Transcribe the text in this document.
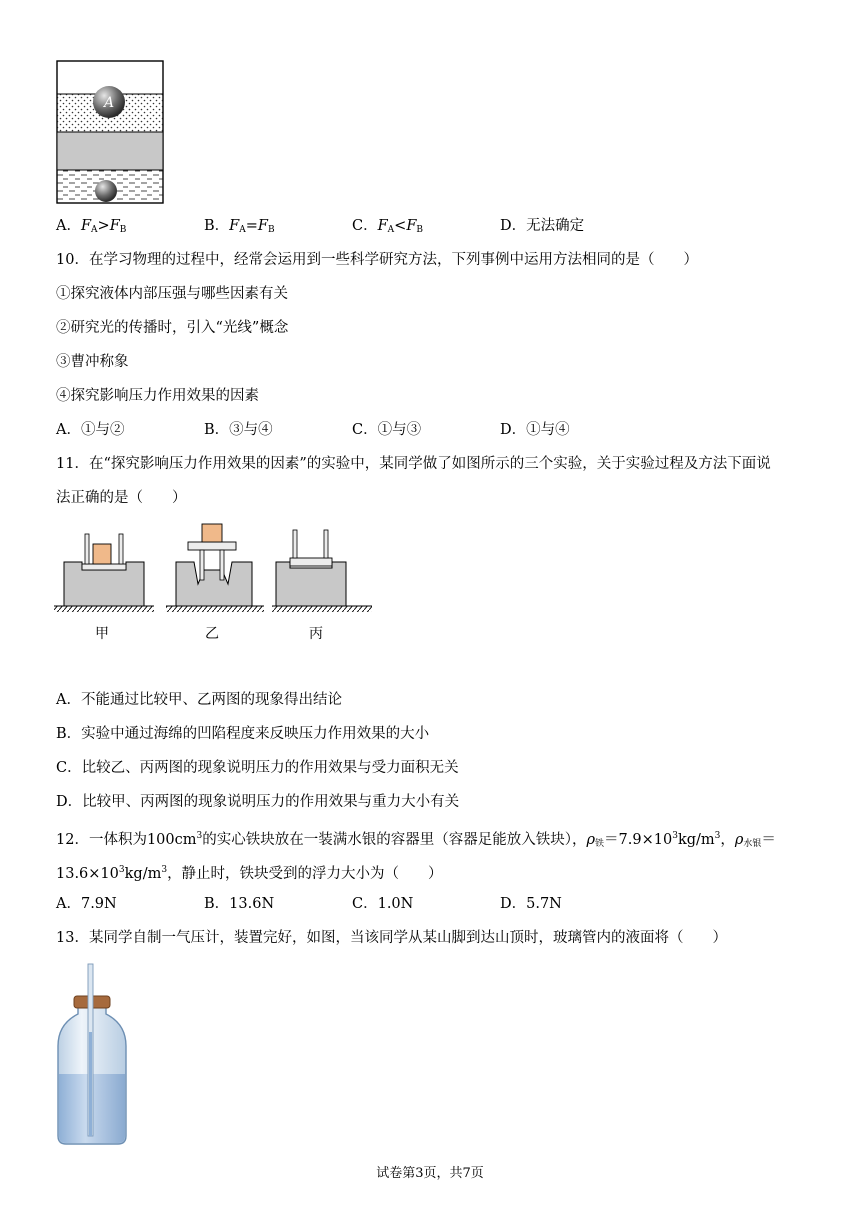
A
A．$F_A>F_B$	B．$F_A=F_B$	C．$F_A<F_B$	D．无法确定
10．在学习物理的过程中，经常会运用到一些科学研究方法，下列事例中运用方法相同的是（　　）
①探究液体内部压强与哪些因素有关
②研究光的传播时，引入“光线”概念
③曹冲称象
④探究影响压力作用效果的因素
A．①与②	B．③与④	C．①与③	D．①与④
11．在“探究影响压力作用效果的因素”的实验中，某同学做了如图所示的三个实验，关于实验过程及方法下面说
法正确的是（　　）
甲	乙	丙
A．不能通过比较甲、乙两图的现象得出结论
B．实验中通过海绵的凹陷程度来反映压力作用效果的大小
C．比较乙、丙两图的现象说明压力的作用效果与受力面积无关
D．比较甲、丙两图的现象说明压力的作用效果与重力大小有关
12．一体积为$100cm^3$的实心铁块放在一装满水银的容器里（容器足能放入铁块），$\rho_铁=7.9\times 10^3kg/m^3$，$\rho_{水银}=$
$13.6\times 10^3kg/m^3$，静止时，铁块受到的浮力大小为（　　）
A．7.9N	B．13.6N	C．1.0N	D．5.7N
13．某同学自制一气压计，装置完好，如图，当该同学从某山脚到达山顶时，玻璃管内的液面将（　　）
试卷第3页，共7页
